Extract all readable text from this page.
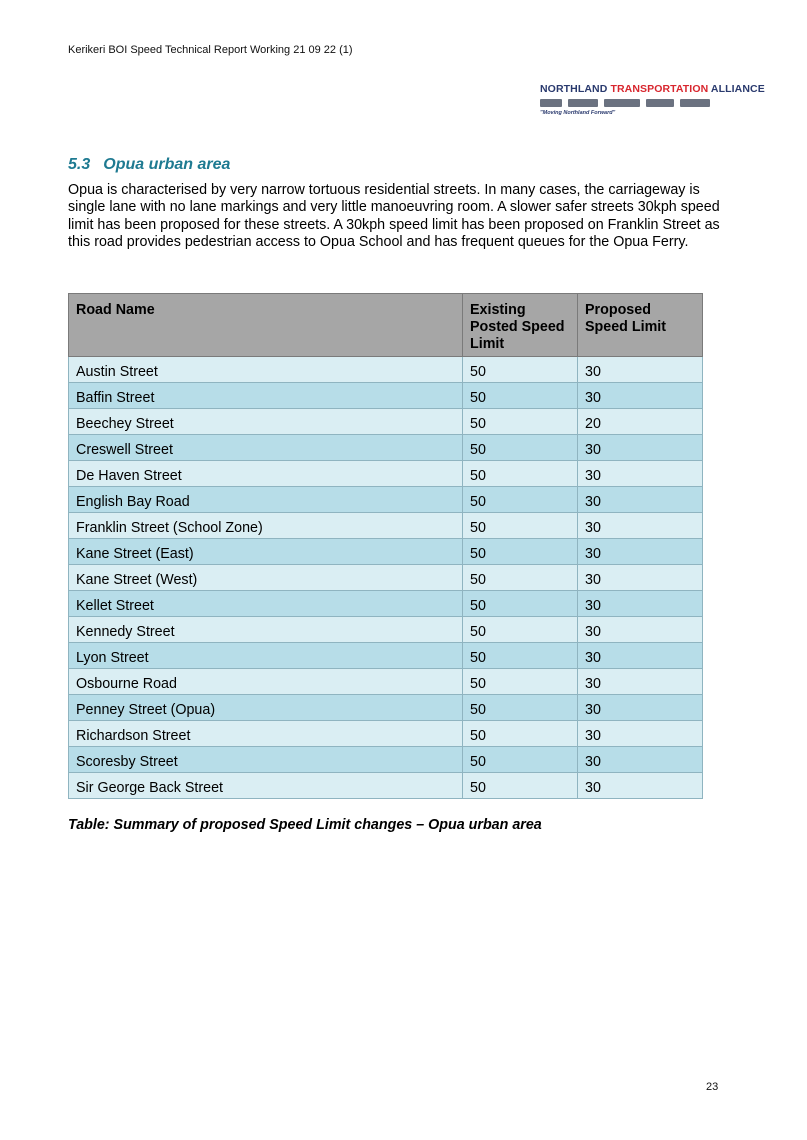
Kerikeri BOI Speed Technical Report Working 21 09 22 (1)
NORTHLAND TRANSPORTATION ALLIANCE
"Moving Northland Forward"
5.3 Opua urban area

Opua is characterised by very narrow tortuous residential streets. In many cases, the carriageway is single lane with no lane markings and very little manoeuvring room. A slower safer streets 30kph speed limit has been proposed for these streets. A 30kph speed limit has been proposed on Franklin Street as this road provides pedestrian access to Opua School and has frequent queues for the Opua Ferry.

Road Name	Existing Posted Speed Limit	Proposed Speed Limit
Austin Street	50	30
Baffin Street	50	30
Beechey Street	50	20
Creswell Street	50	30
De Haven Street	50	30
English Bay Road	50	30
Franklin Street (School Zone)	50	30
Kane Street (East)	50	30
Kane Street (West)	50	30
Kellet Street	50	30
Kennedy Street	50	30
Lyon Street	50	30
Osbourne Road	50	30
Penney Street (Opua)	50	30
Richardson Street	50	30
Scoresby Street	50	30
Sir George Back Street	50	30

Table: Summary of proposed Speed Limit changes – Opua urban area

23
